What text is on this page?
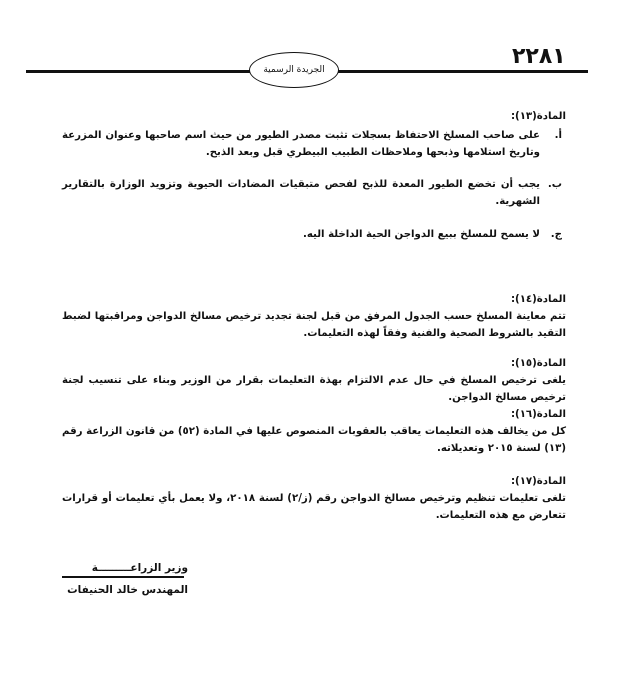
٢٢٨١
الجريدة الرسمية

المادة(١٣):

أ.
على صاحب المسلخ الاحتفاظ بسجلات تثبت مصدر الطيور من حيث اسم صاحبها وعنوان المزرعة وتاريخ استلامها وذبحها وملاحظات الطبيب البيطري قبل وبعد الذبح.
ب.
يجب أن تخضع الطيور المعدة للذبح لفحص متبقيات المضادات الحيوية وتزويد الوزارة بالتقارير الشهرية.
ج.
لا يسمح للمسلخ ببيع الدواجن الحية الداخلة اليه.

المادة(١٤):

تتم معاينة المسلخ حسب الجدول المرفق من قبل لجنة تجديد ترخيص مسالخ الدواجن ومراقبتها لضبط التقيد بالشروط الصحية والفنية وفقاً لهذه التعليمات.

المادة(١٥):

يلغى ترخيص المسلخ في حال عدم الالتزام بهذة التعليمات بقرار من الوزير وبناء على تنسيب لجنة ترخيص مسالخ الدواجن.

المادة(١٦):

كل من يخالف هذه التعليمات يعاقب بالعقوبات المنصوص عليها في المادة (٥٢) من قانون الزراعة رقم (١٣) لسنة ٢٠١٥ وتعديلاته.

المادة(١٧):

تلغى تعليمات تنظيم وترخيص مسالخ الدواجن رقم (ز/٢) لسنة ٢٠١٨، ولا يعمل بأي تعليمات أو قرارات تتعارض مع هذه التعليمات.
وزير الزراعـــــــــة
المهندس خالد الحنيفات
